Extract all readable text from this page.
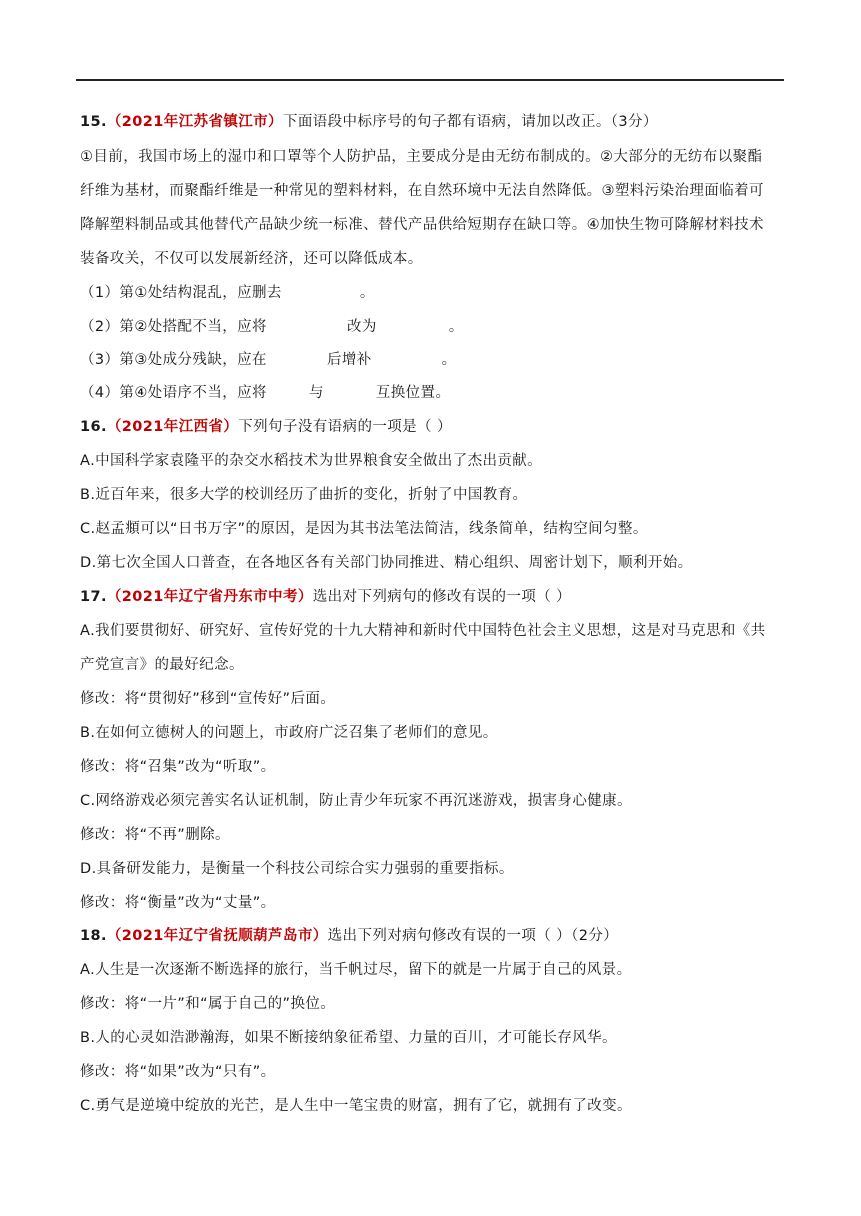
15.（2021年江苏省镇江市）下面语段中标序号的句子都有语病，请加以改正。（3分）
①目前，我国市场上的湿巾和口罩等个人防护品，主要成分是由无纺布制成的。②大部分的无纺布以聚酯
纤维为基材，而聚酯纤维是一种常见的塑料材料，在自然环境中无法自然降低。③塑料污染治理面临着可
降解塑料制品或其他替代产品缺少统一标准、替代产品供给短期存在缺口等。④加快生物可降解材料技术
装备攻关，不仅可以发展新经济，还可以降低成本。
（1）第①处结构混乱，应删去	。
（2）第②处搭配不当，应将	改为	。
（3）第③处成分残缺，应在	后增补	。
（4）第④处语序不当，应将	与	互换位置。
16.（2021年江西省）下列句子没有语病的一项是（ ）
A.中国科学家袁隆平的杂交水稻技术为世界粮食安全做出了杰出贡献。
B.近百年来，很多大学的校训经历了曲折的变化，折射了中国教育。
C.赵孟頫可以“日书万字”的原因，是因为其书法笔法简洁，线条简单，结构空间匀整。
D.第七次全国人口普查，在各地区各有关部门协同推进、精心组织、周密计划下，顺利开始。
17.（2021年辽宁省丹东市中考）选出对下列病句的修改有误的一项（ ）
A.我们要贯彻好、研究好、宣传好党的十九大精神和新时代中国特色社会主义思想，这是对马克思和《共
产党宣言》的最好纪念。
修改：将“贯彻好”移到“宣传好”后面。
B.在如何立德树人的问题上，市政府广泛召集了老师们的意见。
修改：将“召集”改为“听取”。
C.网络游戏必须完善实名认证机制，防止青少年玩家不再沉迷游戏，损害身心健康。
修改：将“不再”删除。
D.具备研发能力，是衡量一个科技公司综合实力强弱的重要指标。
修改：将“衡量”改为“丈量”。
18.（2021年辽宁省抚顺葫芦岛市）选出下列对病句修改有误的一项（ ）（2分）
A.人生是一次逐渐不断选择的旅行，当千帆过尽，留下的就是一片属于自己的风景。
修改：将“一片”和“属于自己的”换位。
B.人的心灵如浩渺瀚海，如果不断接纳象征希望、力量的百川，才可能长存风华。
修改：将“如果”改为“只有”。
C.勇气是逆境中绽放的光芒，是人生中一笔宝贵的财富，拥有了它，就拥有了改变。
